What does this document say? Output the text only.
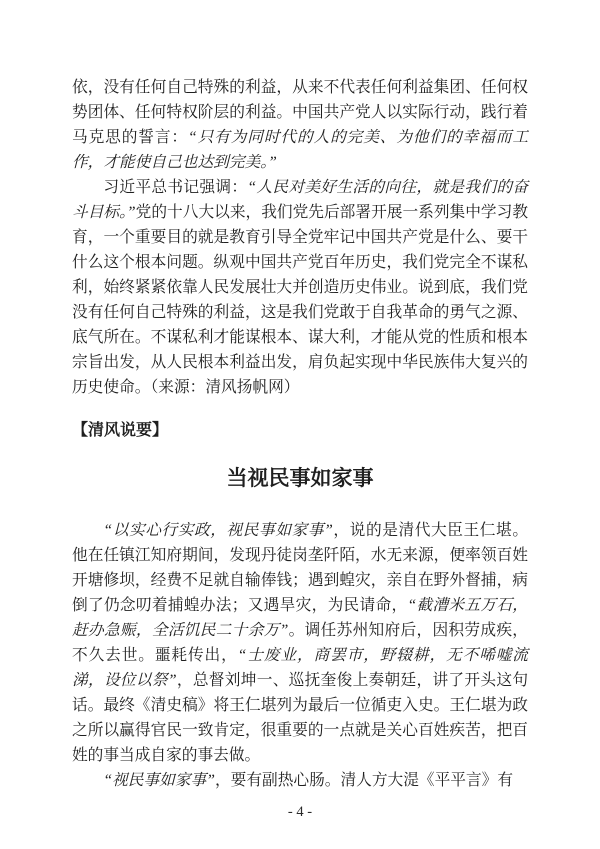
依，没有任何自己特殊的利益，从来不代表任何利益集团、任何权势团体、任何特权阶层的利益。中国共产党人以实际行动，践行着马克思的誓言：“只有为同时代的人的完美、为他们的幸福而工作，才能使自己也达到完美。”

习近平总书记强调：“人民对美好生活的向往，就是我们的奋斗目标。”党的十八大以来，我们党先后部署开展一系列集中学习教育，一个重要目的就是教育引导全党牢记中国共产党是什么、要干什么这个根本问题。纵观中国共产党百年历史，我们党完全不谋私利，始终紧紧依靠人民发展壮大并创造历史伟业。说到底，我们党没有任何自己特殊的利益，这是我们党敢于自我革命的勇气之源、底气所在。不谋私利才能谋根本、谋大利，才能从党的性质和根本宗旨出发，从人民根本利益出发，肩负起实现中华民族伟大复兴的历史使命。（来源：清风扬帆网）

【清风说要】
当视民事如家事

“以实心行实政，视民事如家事”，说的是清代大臣王仁堪。他在任镇江知府期间，发现丹徒岗垄阡陌，水无来源，便率领百姓开塘修坝，经费不足就自输俸钱；遇到蝗灾，亲自在野外督捕，病倒了仍念叨着捕蝗办法；又遇旱灾，为民请命，“截漕米五万石，赶办急赈，全活饥民二十余万”。调任苏州知府后，因积劳成疾，不久去世。噩耗传出，“士废业，商罢市，野辍耕，无不唏嘘流涕，设位以祭”，总督刘坤一、巡抚奎俊上奏朝廷，讲了开头这句话。最终《清史稿》将王仁堪列为最后一位循吏入史。王仁堪为政之所以赢得官民一致肯定，很重要的一点就是关心百姓疾苦，把百姓的事当成自家的事去做。

“视民事如家事”，要有副热心肠。清人方大湜《平平言》有

- 4 -
